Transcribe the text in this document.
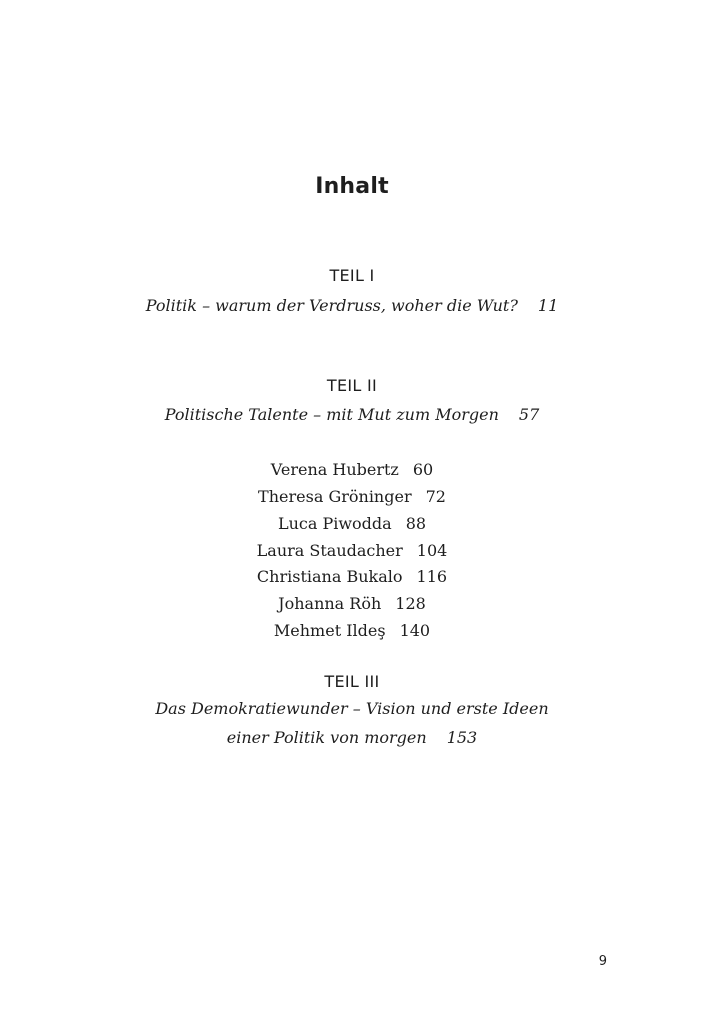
Inhalt
TEIL I
Politik – warum der Verdruss, woher die Wut? 11
TEIL II
Politische Talente – mit Mut zum Morgen 57
Verena Hubertz 60
Theresa Gröninger 72
Luca Piwodda 88
Laura Staudacher 104
Christiana Bukalo 116
Johanna Röh 128
Mehmet Ildeş 140
TEIL III
Das Demokratiewunder – Vision und erste Ideen
einer Politik von morgen 153
9
